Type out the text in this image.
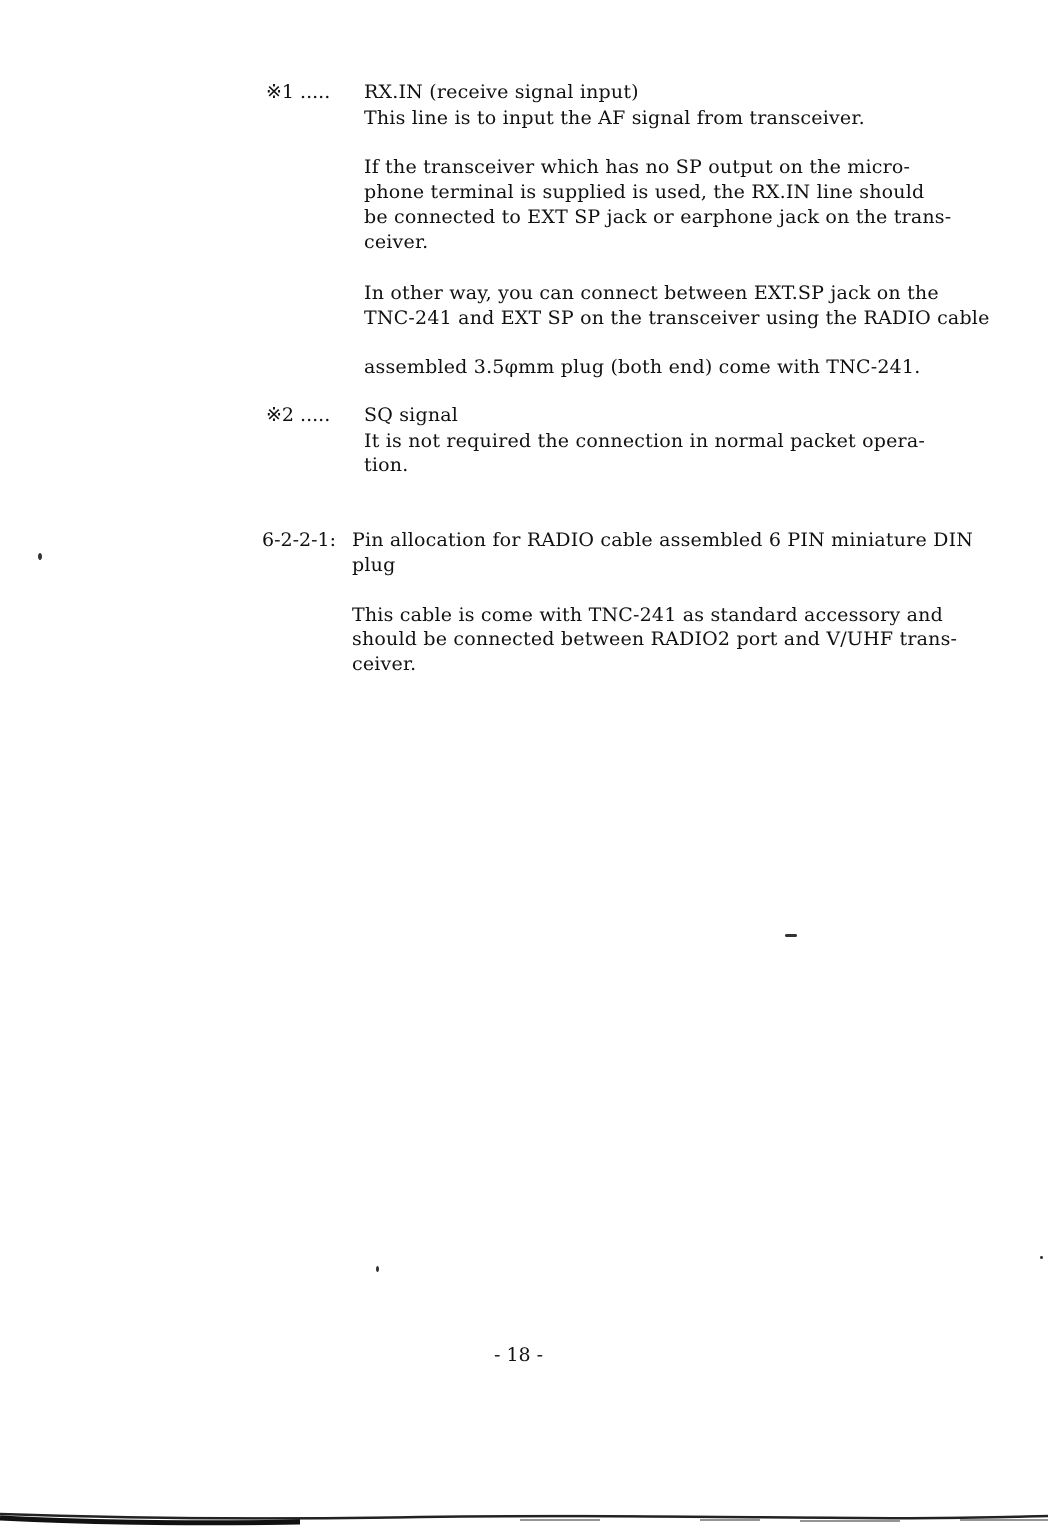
※1 ..... RX.IN (receive signal input)
This line is to input the AF signal from transceiver.
If the transceiver which has no SP output on the micro-
phone terminal is supplied is used, the RX.IN line should
be connected to EXT SP jack or earphone jack on the trans-
ceiver.
In other way, you can connect between EXT.SP jack on the
TNC-241 and EXT SP on the transceiver using the RADIO cable
assembled 3.5φmm plug (both end) come with TNC-241.
※2 ..... SQ signal
It is not required the connection in normal packet opera-
tion.
6-2-2-1: Pin allocation for RADIO cable assembled 6 PIN miniature DIN
plug
This cable is come with TNC-241 as standard accessory and
should be connected between RADIO2 port and V/UHF trans-
ceiver.
- 18 -
